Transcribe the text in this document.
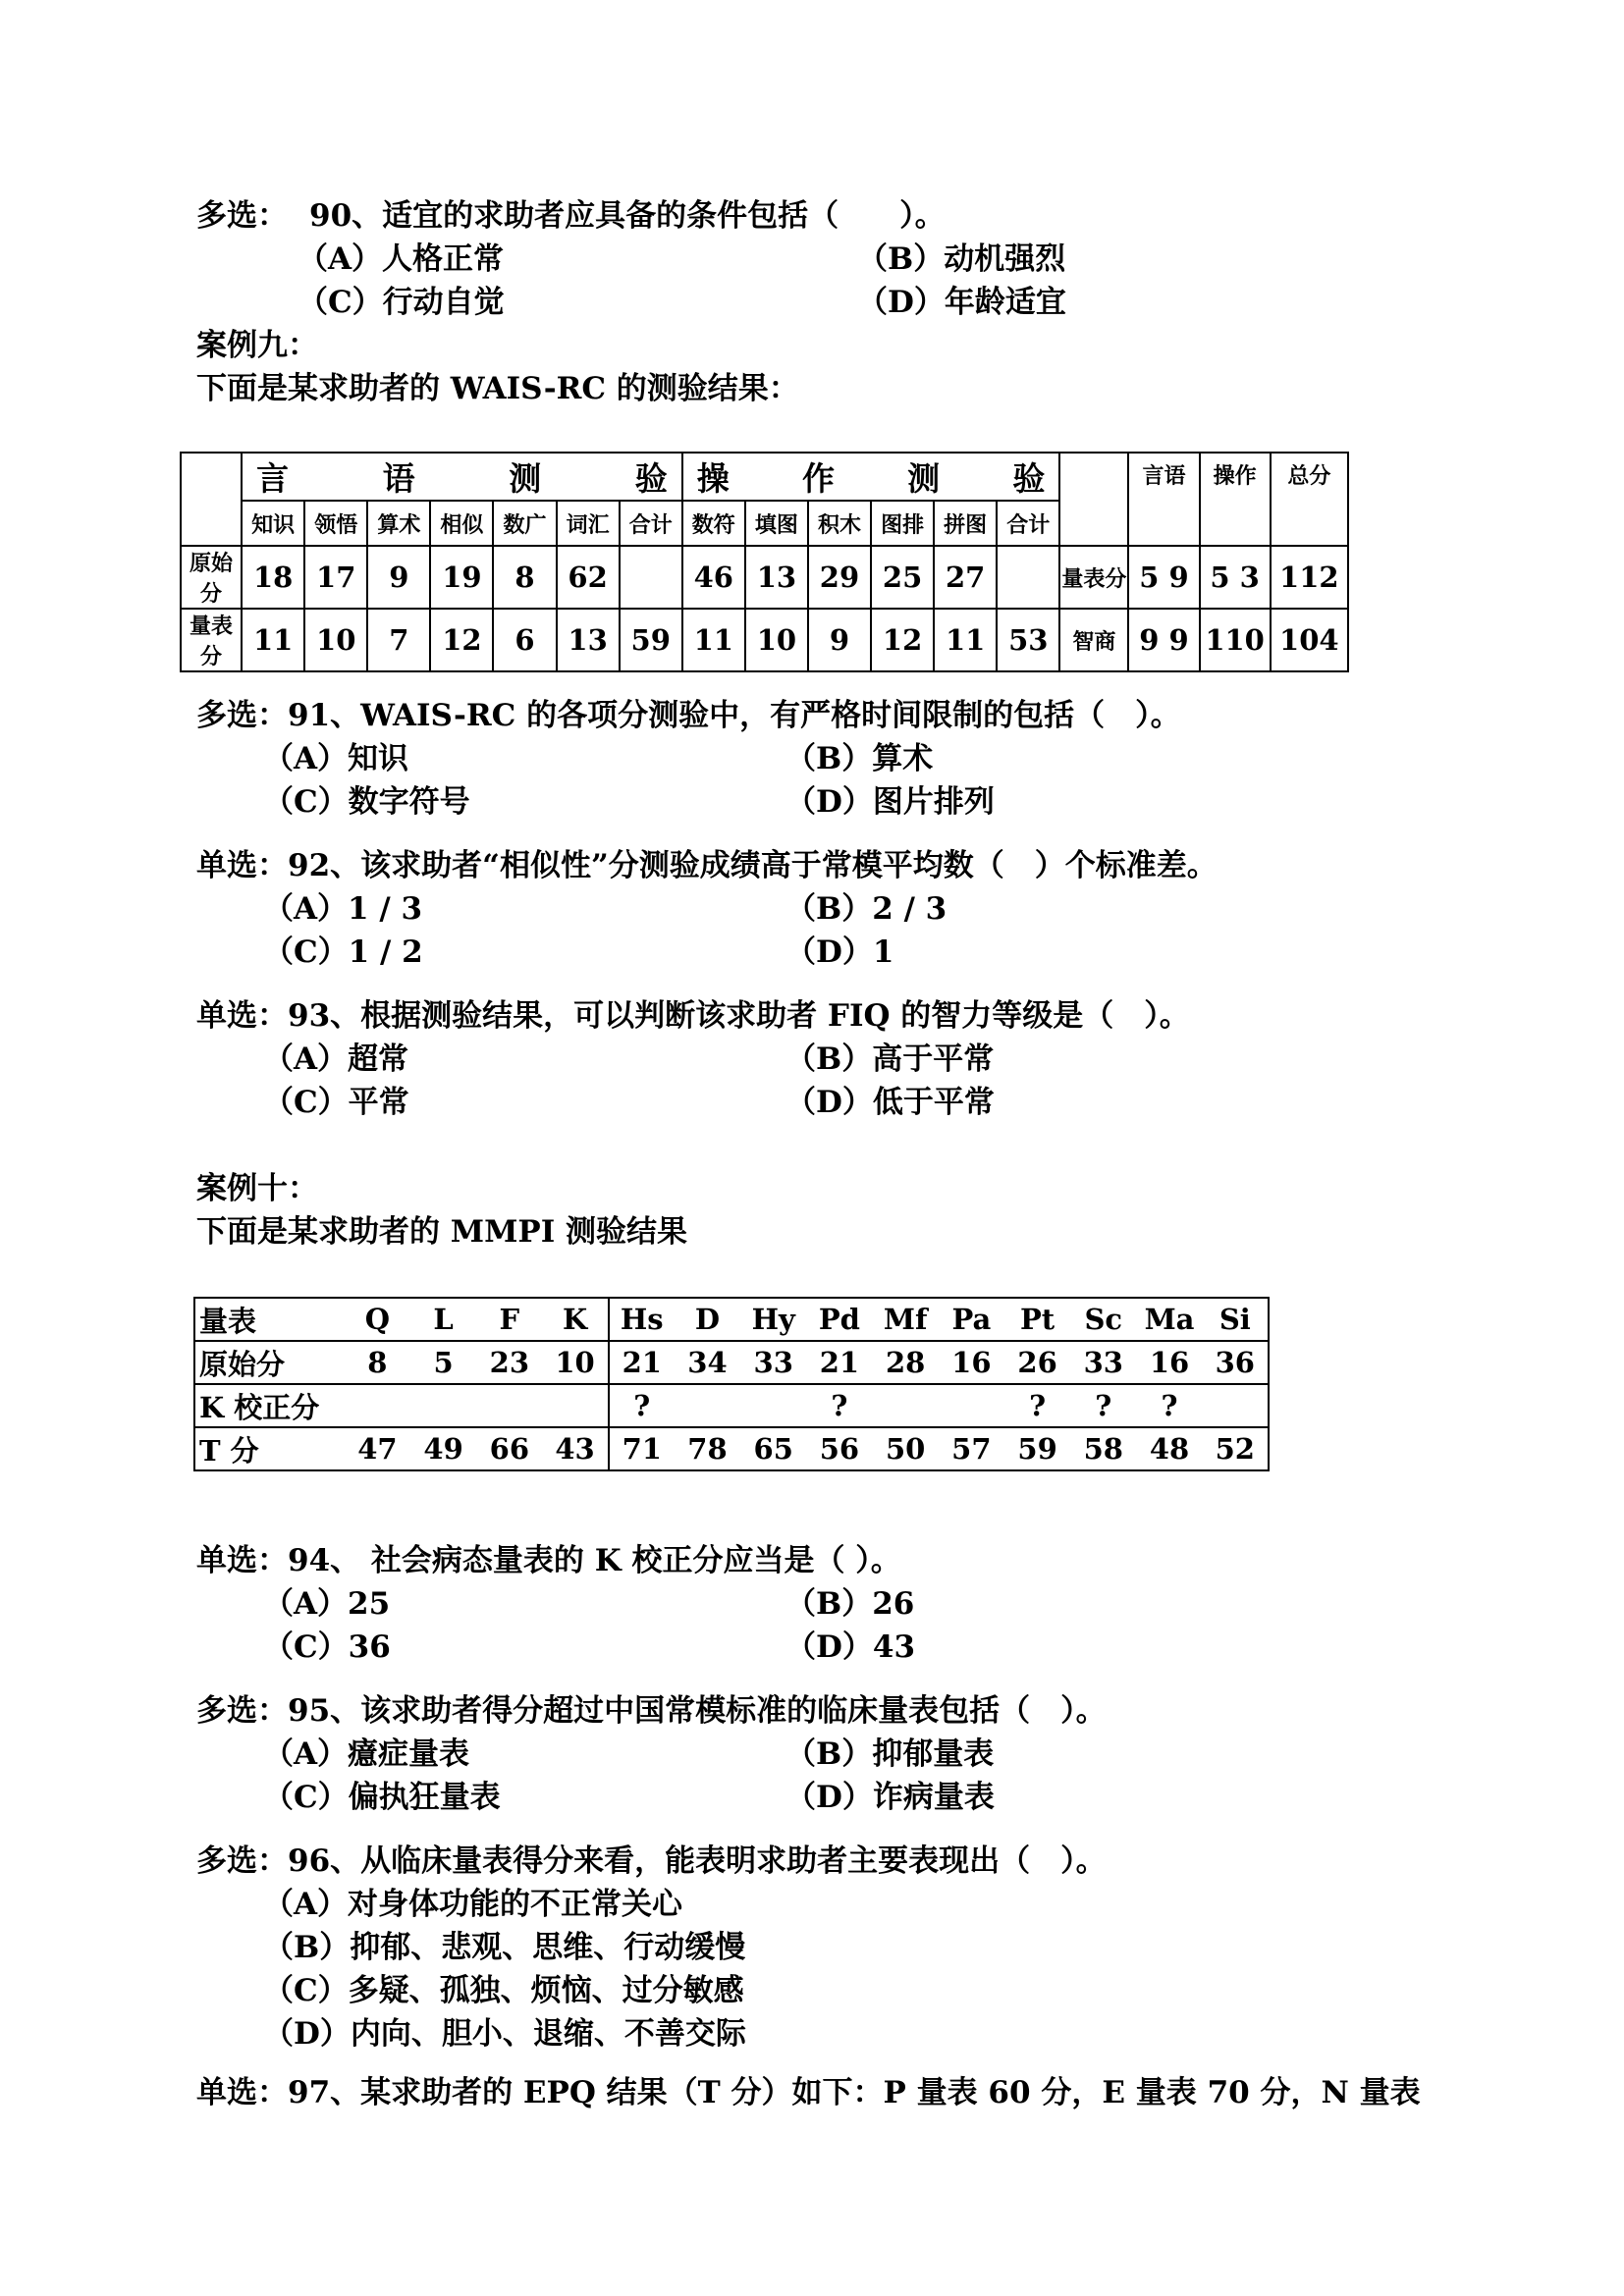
多选： 90、适宜的求助者应具备的条件包括（　　）。
（A）人格正常	（B）动机强烈
（C）行动自觉	（D）年龄适宜
案例九：
下面是某求助者的 WAIS-RC 的测验结果：

	言 语 测 验							操 作 测 验							言语	操作	总分
	知识	领悟	算术	相似	数广	词汇	合计	数符	填图	积木	图排	拼图	合计				
原始分	18	17	9	19	8	62		46	13	29	25	27		量表分	5 9	5 3	112
量表分	11	10	7	12	6	13	59	11	10	9	12	11	53	智商	9 9	110	104
多选：91、WAIS-RC 的各项分测验中，有严格时间限制的包括（　）。
（A）知识	（B）算术
（C）数字符号	（D）图片排列
单选：92、该求助者“相似性”分测验成绩高于常模平均数（　）个标准差。
（A）1 / 3	（B）2 / 3
（C）1 / 2	（D）1
单选：93、根据测验结果，可以判断该求助者 FIQ 的智力等级是（　）。
（A）超常	（B）高于平常
（C）平常	（D）低于平常
案例十：
下面是某求助者的 MMPI 测验结果
量表	Q	L	F	K	Hs	D	Hy	Pd	Mf	Pa	Pt	Sc	Ma	Si
原始分	8	5	23	10	21	34	33	21	28	16	26	33	16	36
K 校正分					?			?			?	?	?	
T 分	47	49	66	43	71	78	65	56	50	57	59	58	48	52
单选：94、 社会病态量表的 K 校正分应当是（ ）。
（A）25	（B）26
（C）36	（D）43
多选：95、该求助者得分超过中国常模标准的临床量表包括（　）。
（A）癔症量表	（B）抑郁量表
（C）偏执狂量表	（D）诈病量表
多选：96、从临床量表得分来看，能表明求助者主要表现出（　）。
（A）对身体功能的不正常关心
（B）抑郁、悲观、思维、行动缓慢
（C）多疑、孤独、烦恼、过分敏感
（D）内向、胆小、退缩、不善交际
单选：97、某求助者的 EPQ 结果（T 分）如下：P 量表 60 分，E 量表 70 分，N 量表
